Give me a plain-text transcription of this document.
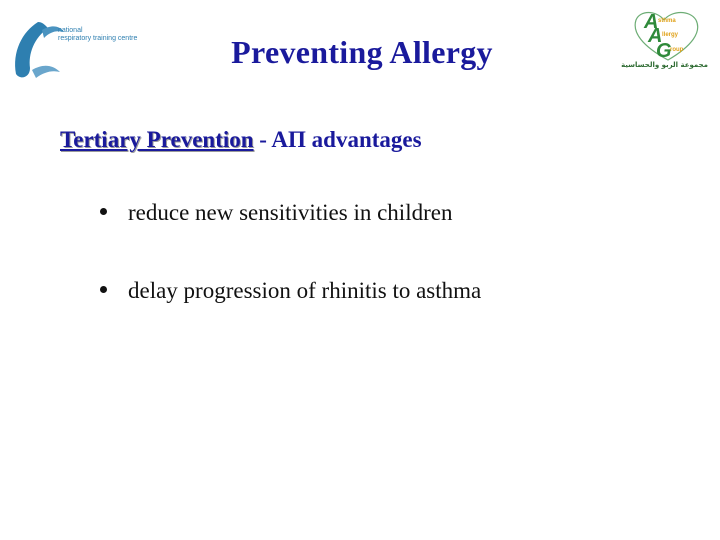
national
respiratory training centre	Preventing Allergy
A sthma
A llergy
G
roup
مجموعة الربو والحساسية
Tertiary Prevention - AΠ advantages
reduce new sensitivities in children
delay progression of rhinitis to asthma
